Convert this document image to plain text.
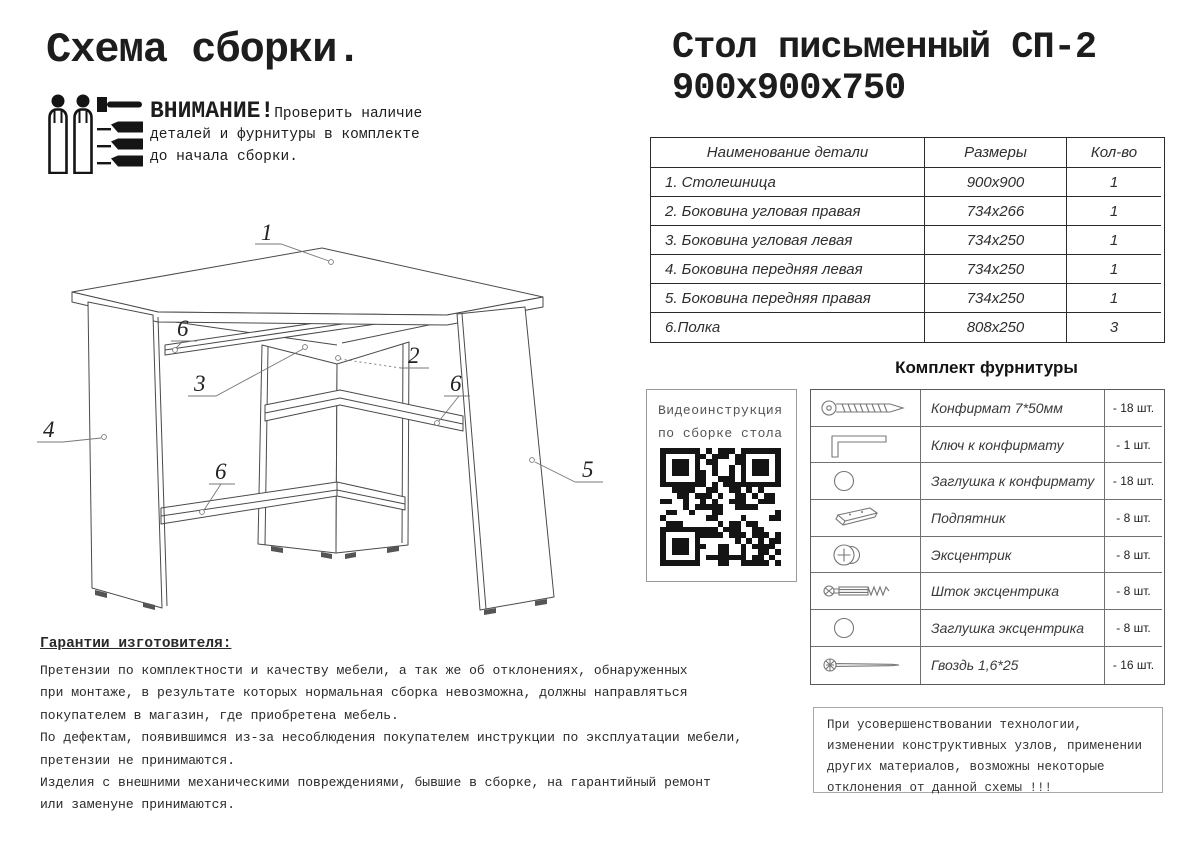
Схема сборки.
ВНИМАНИЕ!Проверить наличие
деталей и фурнитуры в комплекте
до начала сборки.
Стол письменный СП-2
900х900х750
Наименование детали	Размеры	Кол-во
1. Столешница	900х900	1
2. Боковина угловая правая	734х266	1
3. Боковина угловая левая	734х250	1
4. Боковина передняя левая	734х250	1
5. Боковина передняя правая	734х250	1
6.Полка	808х250	3
Комплект фурнитуры
Конфирмат 7*50мм	- 18 шт.
Ключ к конфирмату	- 1 шт.
Заглушка к конфирмату	- 18 шт.
Подпятник	- 8 шт.
Эксцентрик	- 8 шт.
Шток эксцентрика	- 8 шт.
Заглушка эксцентрика	- 8 шт.
Гвоздь 1,6*25	- 16 шт.
Видеоинструкция
по сборке стола
1
6
2
3	6
4
6	5
Гарантии изготовителя:
Претензии по комплектности и качеству мебели, а так же об отклонениях, обнаруженных
при монтаже, в результате которых нормальная сборка невозможна, должны направляться
покупателем в магазин, где приобретена мебель.
По дефектам, появившимся из-за несоблюдения покупателем инструкции по эксплуатации мебели,
претензии не принимаются.
Изделия с внешними механическими повреждениями, бывшие в сборке, на гарантийный ремонт
или заменуне принимаются.
При усовершенствовании технологии,
изменении конструктивных узлов, применении
других материалов, возможны некоторые
отклонения от данной схемы !!!
